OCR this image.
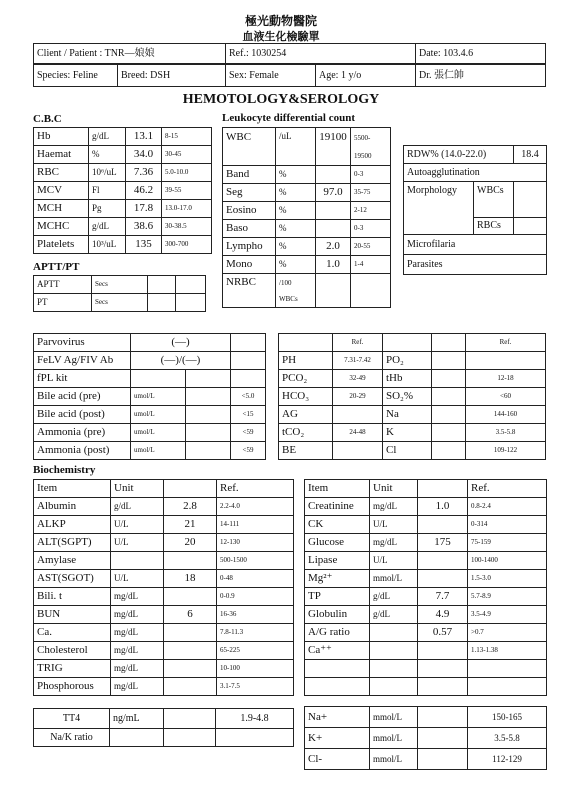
極光動物醫院
血液生化檢驗單
Client / Patient : TNR—娘娘	Ref.: 1030254	Date: 103.4.6
Species: Feline	Breed: DSH	Sex: Female	Age: 1 y/o	Dr. 張仁帥
HEMOTOLOGY&SEROLOGY
C.B.C	Leukocyte differential count
Hb	g/dL	13.1	8-15
Haemat	%	34.0	30-45
RBC	10⁶/uL	7.36	5.0-10.0
MCV	Fl	46.2	39-55
MCH	Pg	17.8	13.0-17.0
MCHC	g/dL	38.6	30-38.5
Platelets	10³/uL	135	300-700
APTT/PT
APTT	Secs		
PT	Secs		
WBC	/uL	19100	5500-
19500

Band	%		0-3
Seg	%	97.0	35-75
Eosino	%		2-12
Baso	%		0-3
Lympho	%	2.0	20-55
Mono	%	1.0	1-4
NRBC	/100
WBCs		

RDW% (14.0-22.0)		18.4
Autoagglutination		
Morphology	WBCs	
	RBCs	
Microfilaria		
Parasites		
Parvovirus	(—)		
FeLV Ag/FIV Ab	(—)/(—)		
fPL kit			
Bile acid (pre)	umol/L		<5.0
Bile acid (post)	umol/L		<15
Ammonia (pre)	umol/L		<59
Ammonia (post)	umol/L		<59
	Ref.			Ref.
PH	7.31-7.42	PO₂		
PCO₂	32-49	tHb		12-18
HCO₃	20-29	SO₂%		<60
AG		Na		144-160
tCO₂	24-48	K		3.5-5.8
BE		Cl		109-122
Biochemistry
Item	Unit		Ref.
Albumin	g/dL	2.8	2.2-4.0
ALKP	U/L	21	14-111
ALT(SGPT)	U/L	20	12-130
Amylase			500-1500
AST(SGOT)	U/L	18	0-48
Bili. t	mg/dL		0-0.9
BUN	mg/dL	6	16-36
Ca.	mg/dL		7.8-11.3
Cholesterol	mg/dL		65-225
TRIG	mg/dL		10-100
Phosphorous	mg/dL		3.1-7.5
Item	Unit		Ref.
Creatinine	mg/dL	1.0	0.8-2.4
CK	U/L		0-314
Glucose	mg/dL	175	75-159
Lipase	U/L		100-1400
Mg²⁺	mmol/L		1.5-3.0
TP	g/dL	7.7	5.7-8.9
Globulin	g/dL	4.9	3.5-4.9
A/G ratio		0.57	>0.7
Ca⁺⁺			1.13-1.38

TT4	ng/mL		1.9-4.8
Na/K ratio			
Na+	mmol/L		150-165
K+	mmol/L		3.5-5.8
Cl-	mmol/L		112-129
